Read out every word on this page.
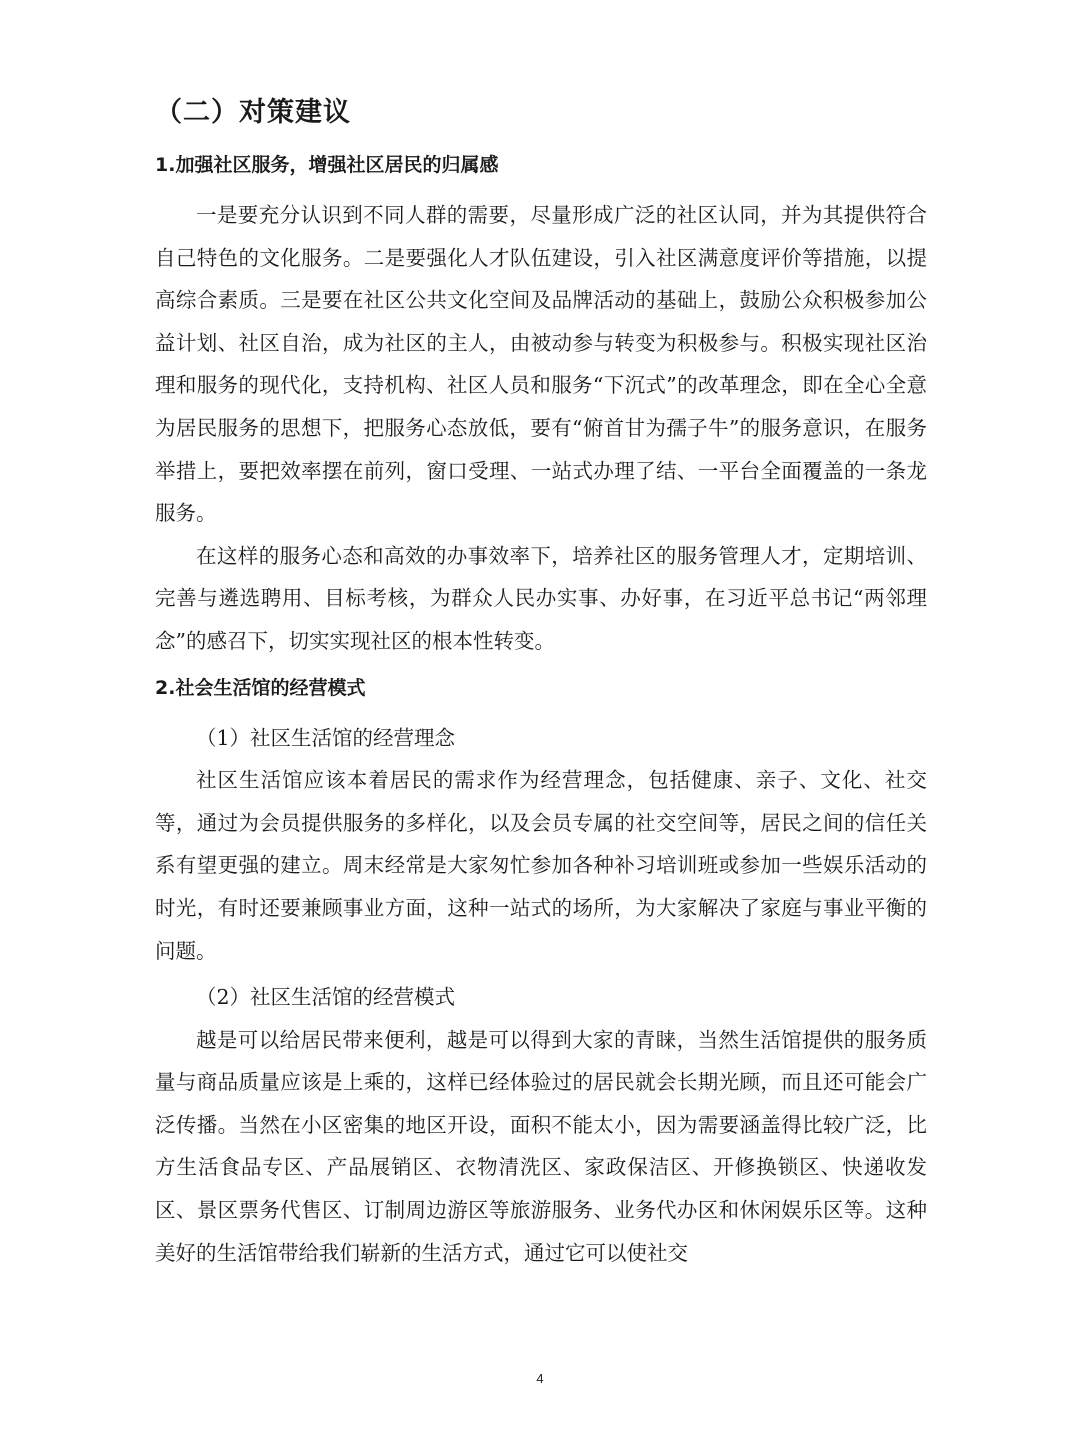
（二）对策建议
1.加强社区服务，增强社区居民的归属感

一是要充分认识到不同人群的需要，尽量形成广泛的社区认同，并为其提供符合自己特色的文化服务。二是要强化人才队伍建设，引入社区满意度评价等措施，以提高综合素质。三是要在社区公共文化空间及品牌活动的基础上，鼓励公众积极参加公益计划、社区自治，成为社区的主人，由被动参与转变为积极参与。积极实现社区治理和服务的现代化，支持机构、社区人员和服务“下沉式”的改革理念，即在全心全意为居民服务的思想下，把服务心态放低，要有“俯首甘为孺子牛”的服务意识，在服务举措上，要把效率摆在前列，窗口受理、一站式办理了结、一平台全面覆盖的一条龙服务。

在这样的服务心态和高效的办事效率下，培养社区的服务管理人才，定期培训、完善与遴选聘用、目标考核，为群众人民办实事、办好事，在习近平总书记“两邻理念”的感召下，切实实现社区的根本性转变。

2.社会生活馆的经营模式

（1）社区生活馆的经营理念

社区生活馆应该本着居民的需求作为经营理念，包括健康、亲子、文化、社交等，通过为会员提供服务的多样化，以及会员专属的社交空间等，居民之间的信任关系有望更强的建立。周末经常是大家匆忙参加各种补习培训班或参加一些娱乐活动的时光，有时还要兼顾事业方面，这种一站式的场所，为大家解决了家庭与事业平衡的问题。

（2）社区生活馆的经营模式

越是可以给居民带来便利，越是可以得到大家的青睐，当然生活馆提供的服务质量与商品质量应该是上乘的，这样已经体验过的居民就会长期光顾，而且还可能会广泛传播。当然在小区密集的地区开设，面积不能太小，因为需要涵盖得比较广泛，比方生活食品专区、产品展销区、衣物清洗区、家政保洁区、开修换锁区、快递收发区、景区票务代售区、订制周边游区等旅游服务、业务代办区和休闲娱乐区等。这种美好的生活馆带给我们崭新的生活方式，通过它可以使社交

4
